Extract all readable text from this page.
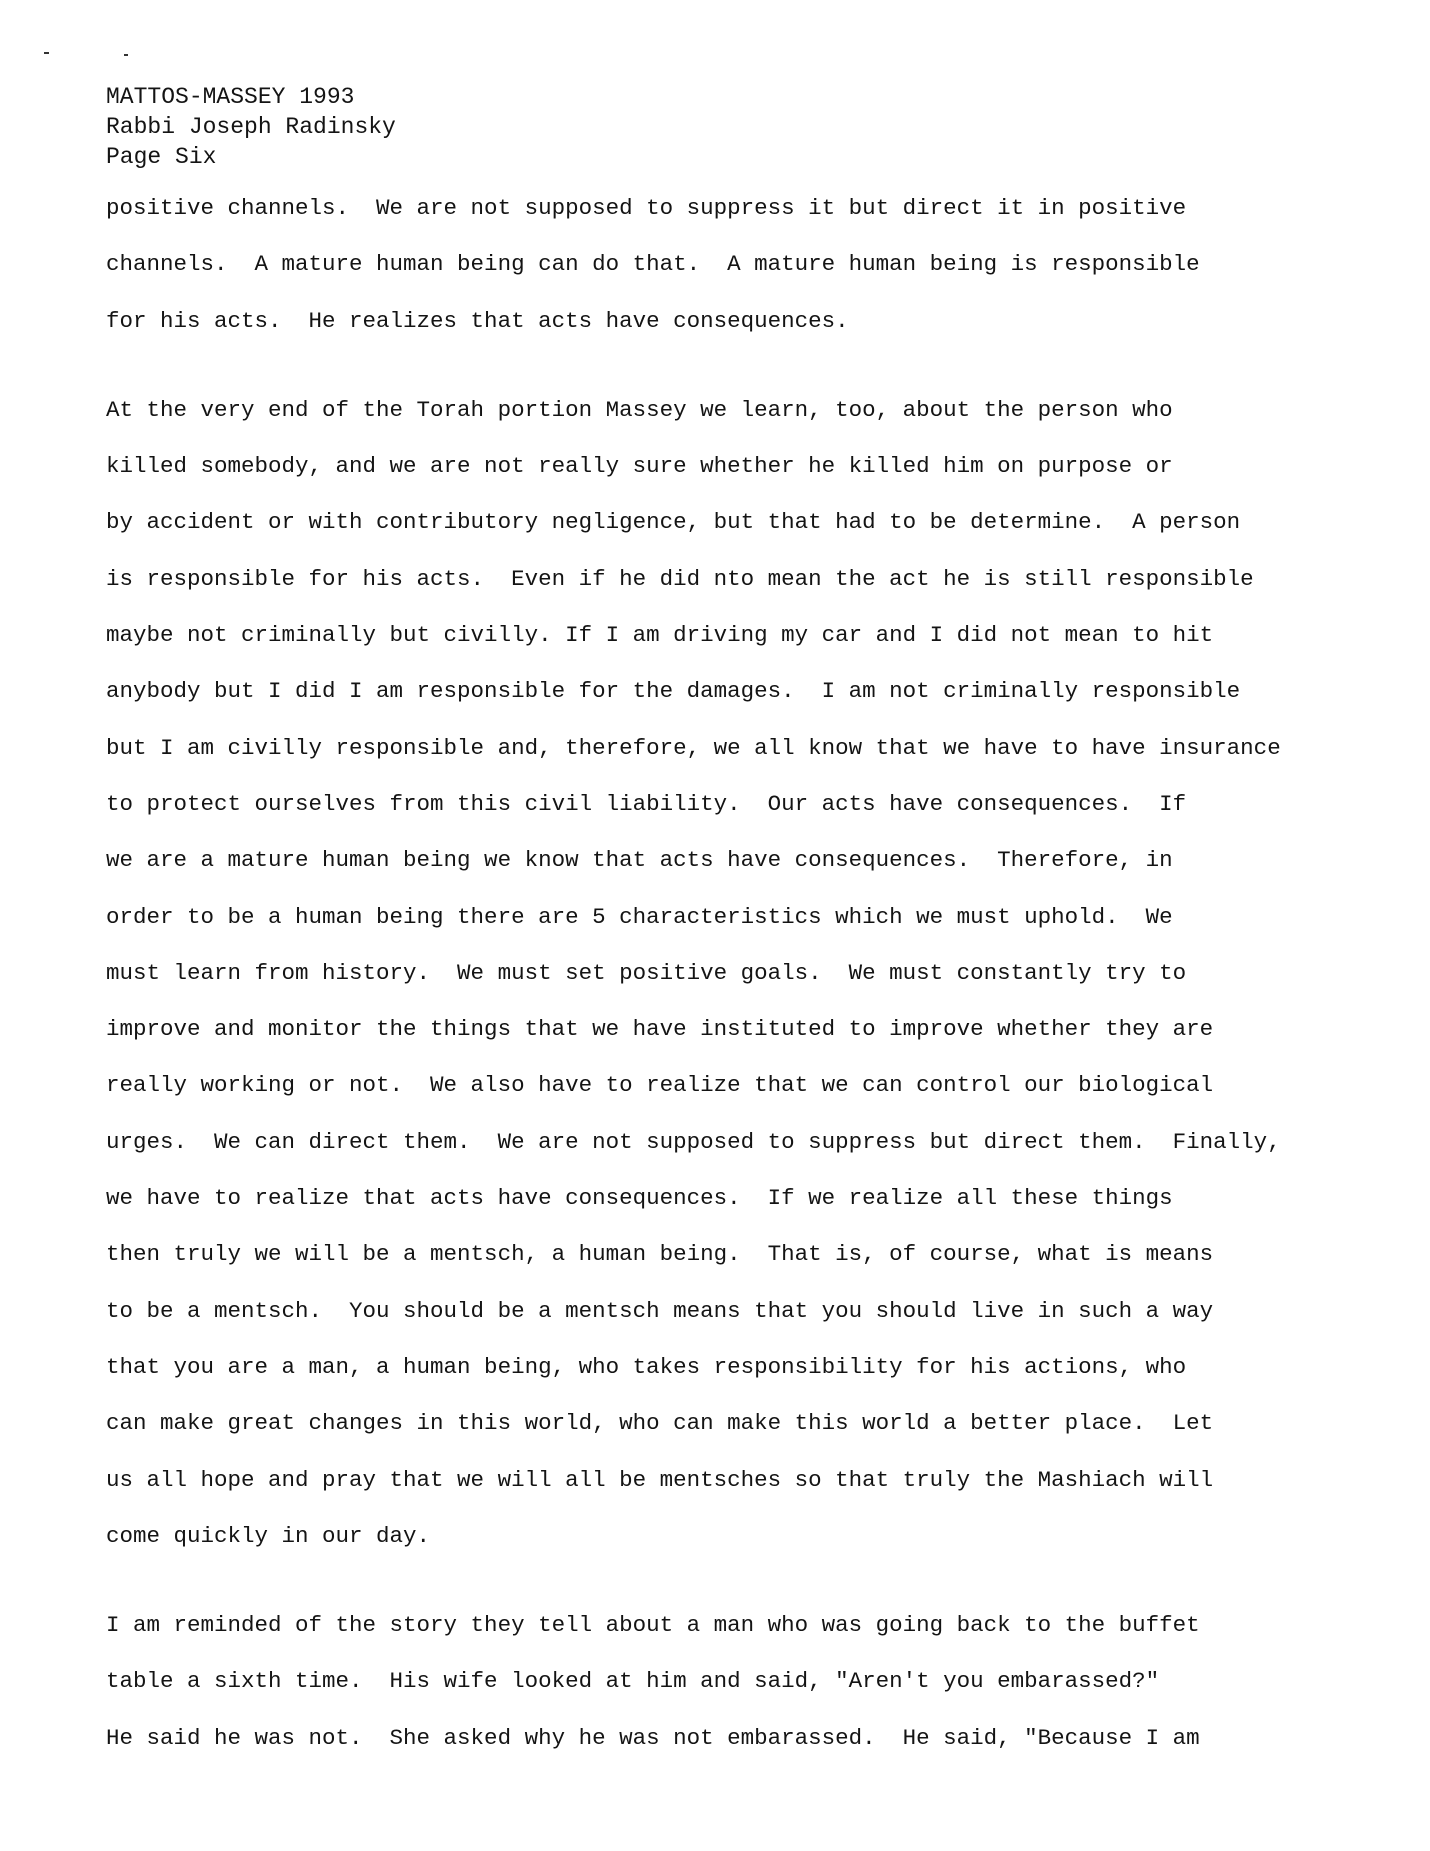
MATTOS-MASSEY 1993
Rabbi Joseph Radinsky
Page Six
positive channels.  We are not supposed to suppress it but direct it in positive
channels.  A mature human being can do that.  A mature human being is responsible
for his acts.  He realizes that acts have consequences.
At the very end of the Torah portion Massey we learn, too, about the person who
killed somebody, and we are not really sure whether he killed him on purpose or
by accident or with contributory negligence, but that had to be determine.  A person
is responsible for his acts.  Even if he did nto mean the act he is still responsible
maybe not criminally but civilly. If I am driving my car and I did not mean to hit
anybody but I did I am responsible for the damages.  I am not criminally responsible
but I am civilly responsible and, therefore, we all know that we have to have insurance
to protect ourselves from this civil liability.  Our acts have consequences.  If
we are a mature human being we know that acts have consequences.  Therefore, in
order to be a human being there are 5 characteristics which we must uphold.  We
must learn from history.  We must set positive goals.  We must constantly try to
improve and monitor the things that we have instituted to improve whether they are
really working or not.  We also have to realize that we can control our biological
urges.  We can direct them.  We are not supposed to suppress but direct them.  Finally,
we have to realize that acts have consequences.  If we realize all these things
then truly we will be a mentsch, a human being.  That is, of course, what is means
to be a mentsch.  You should be a mentsch means that you should live in such a way
that you are a man, a human being, who takes responsibility for his actions, who
can make great changes in this world, who can make this world a better place.  Let
us all hope and pray that we will all be mentsches so that truly the Mashiach will
come quickly in our day.
I am reminded of the story they tell about a man who was going back to the buffet
table a sixth time.  His wife looked at him and said, "Aren't you embarassed?"
He said he was not.  She asked why he was not embarassed.  He said, "Because I am
